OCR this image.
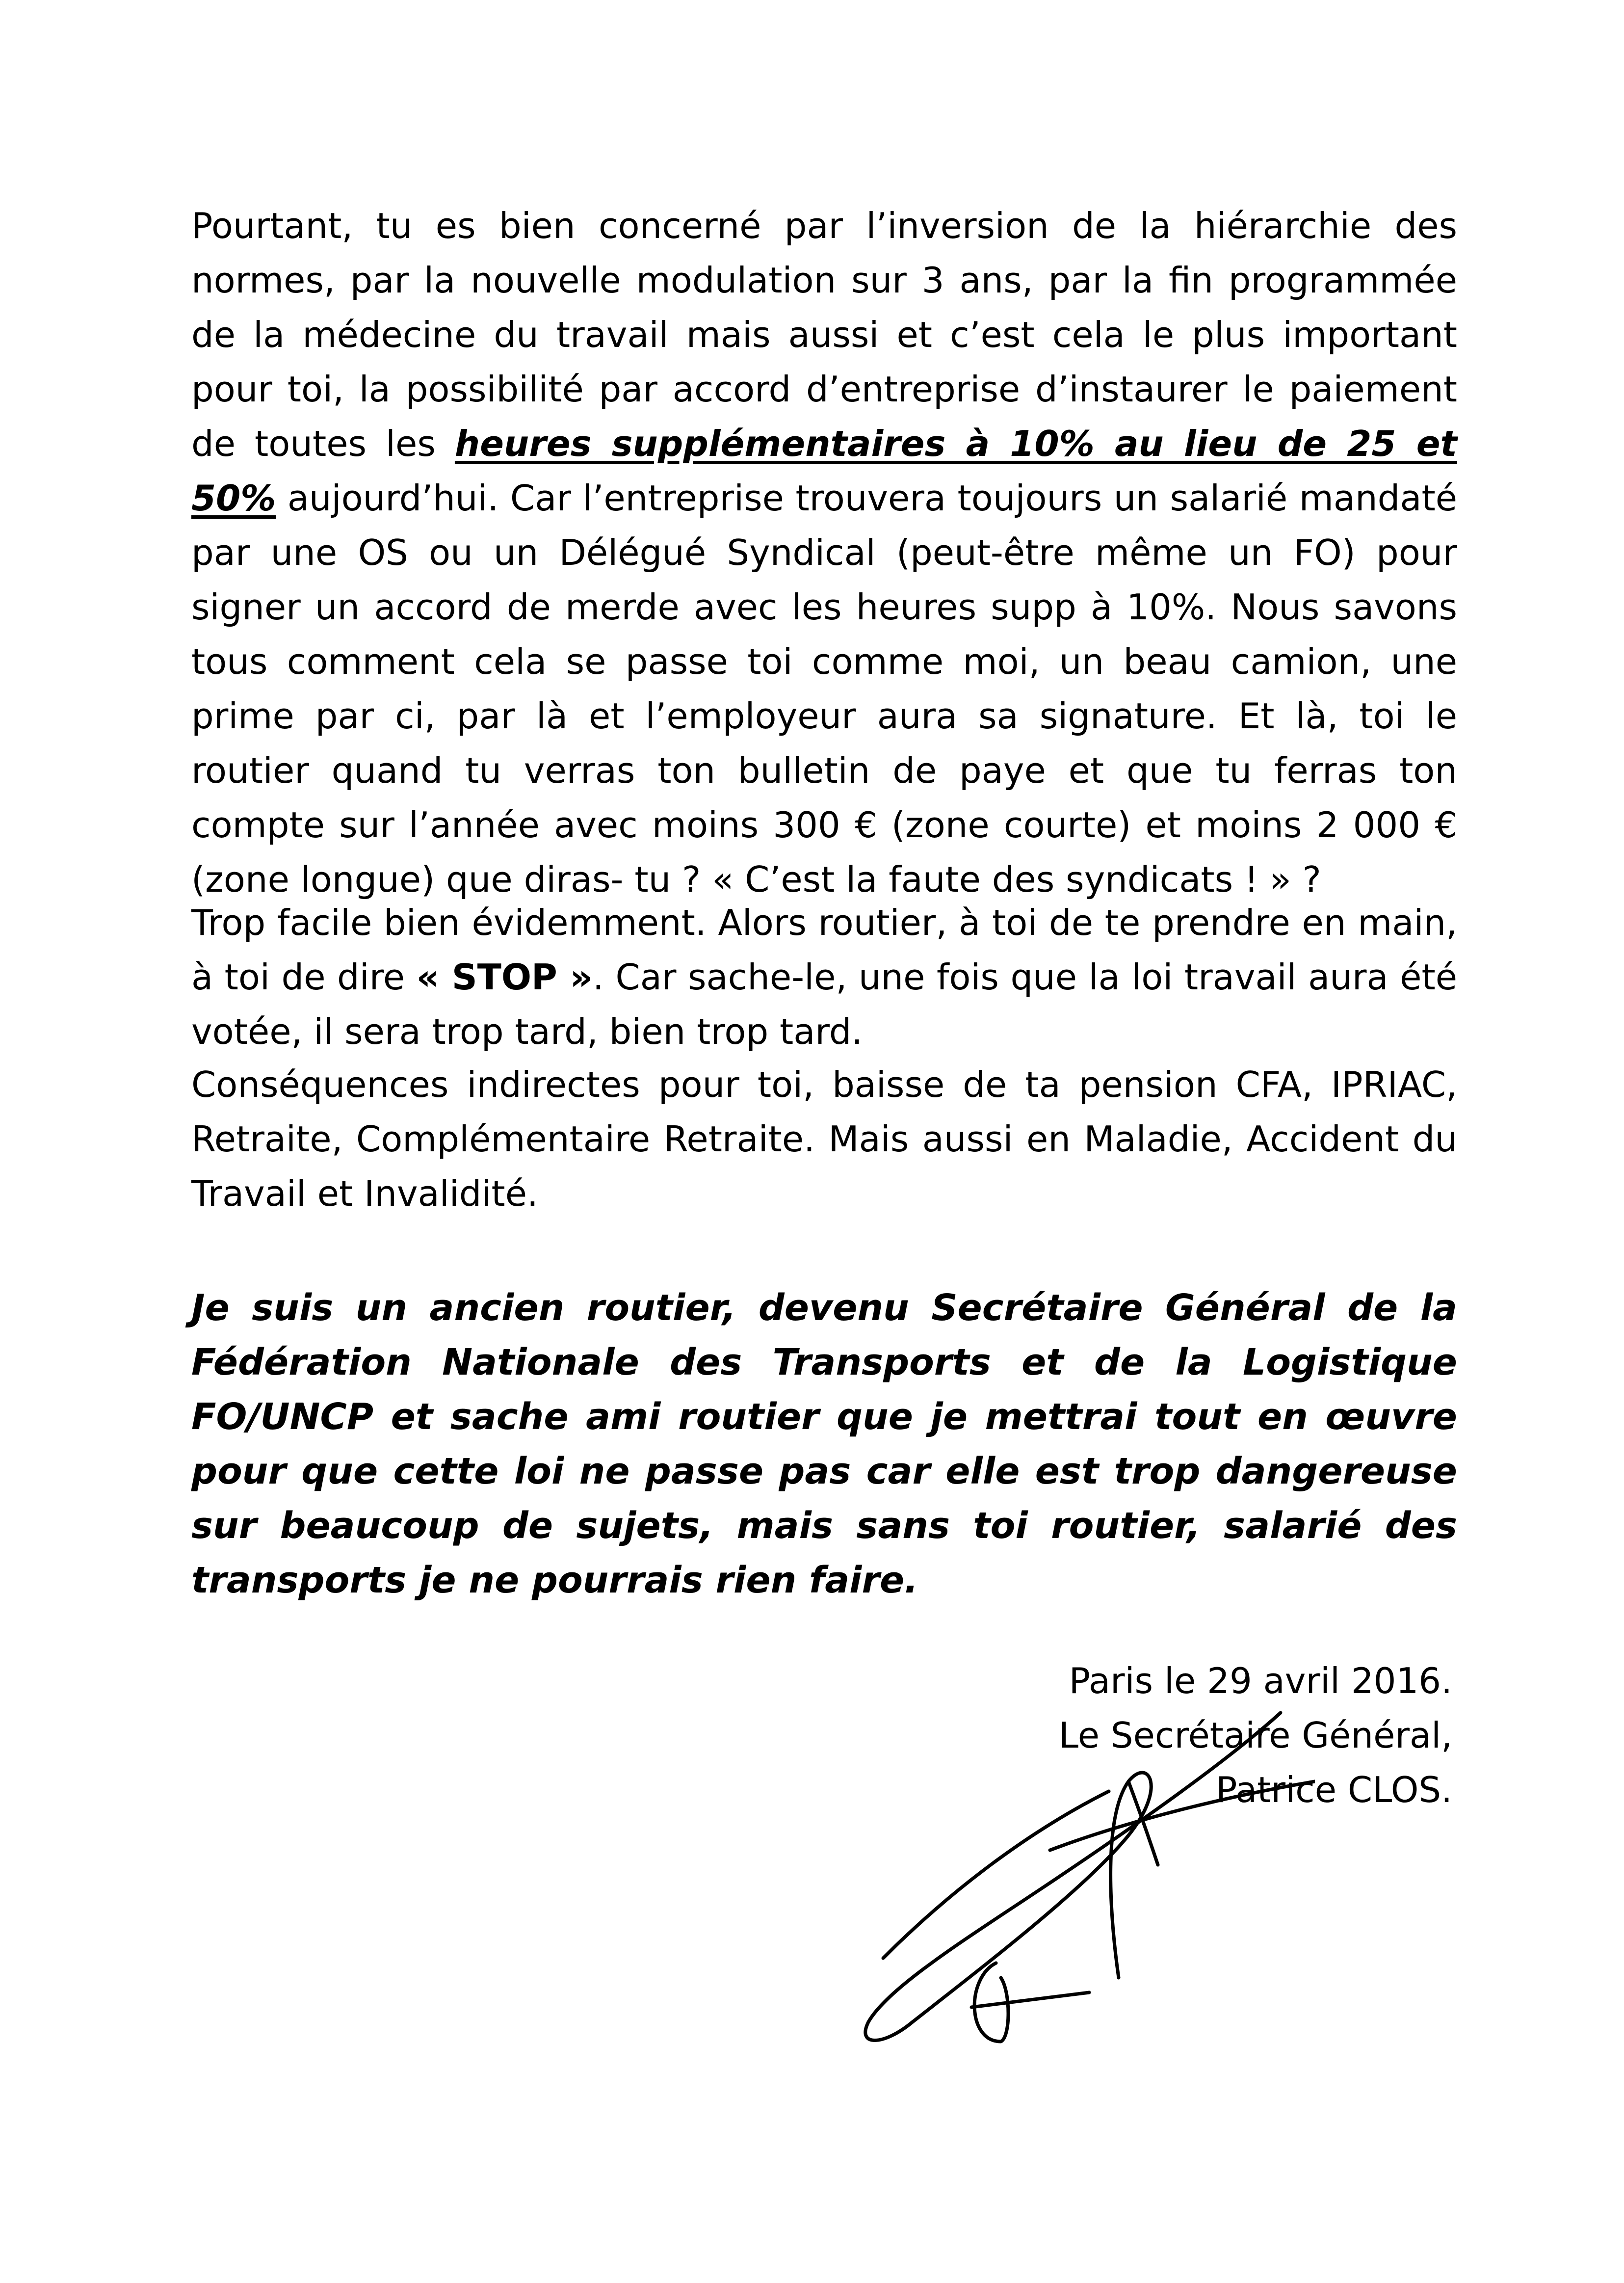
Pourtant, tu es bien concerné par l’inversion de la hiérarchie des normes, par la nouvelle modulation sur 3 ans, par la fin programmée de la médecine du travail mais aussi et c’est cela le plus important pour toi, la possibilité par accord d’entreprise d’instaurer le paiement de toutes les heures supplémentaires à 10% au lieu de 25 et 50% aujourd’hui. Car l’entreprise trouvera toujours un salarié mandaté par une OS ou un Délégué Syndical (peut-être même un FO) pour signer un accord de merde avec les heures supp à 10%. Nous savons tous comment cela se passe toi comme moi, un beau camion, une prime par ci, par là et l’employeur aura sa signature. Et là, toi le routier quand tu verras ton bulletin de paye et que tu ferras ton compte sur l’année avec moins 300 € (zone courte) et moins 2 000 € (zone longue) que diras- tu ? « C’est la faute des syndicats ! » ?

Trop facile bien évidemment. Alors routier, à toi de te prendre en main, à toi de dire « STOP ». Car sache-le, une fois que la loi travail aura été votée, il sera trop tard, bien trop tard.

Conséquences indirectes pour toi, baisse de ta pension CFA, IPRIAC, Retraite, Complémentaire Retraite. Mais aussi en Maladie, Accident du Travail et Invalidité.

Je suis un ancien routier, devenu Secrétaire Général de la Fédération Nationale des Transports et de la Logistique FO/UNCP et sache ami routier que je mettrai tout en œuvre pour que cette loi ne passe pas car elle est trop dangereuse sur beaucoup de sujets, mais sans toi routier, salarié des transports je ne pourrais rien faire.

Paris le 29 avril 2016.
Le Secrétaire Général,
Patrice CLOS.
